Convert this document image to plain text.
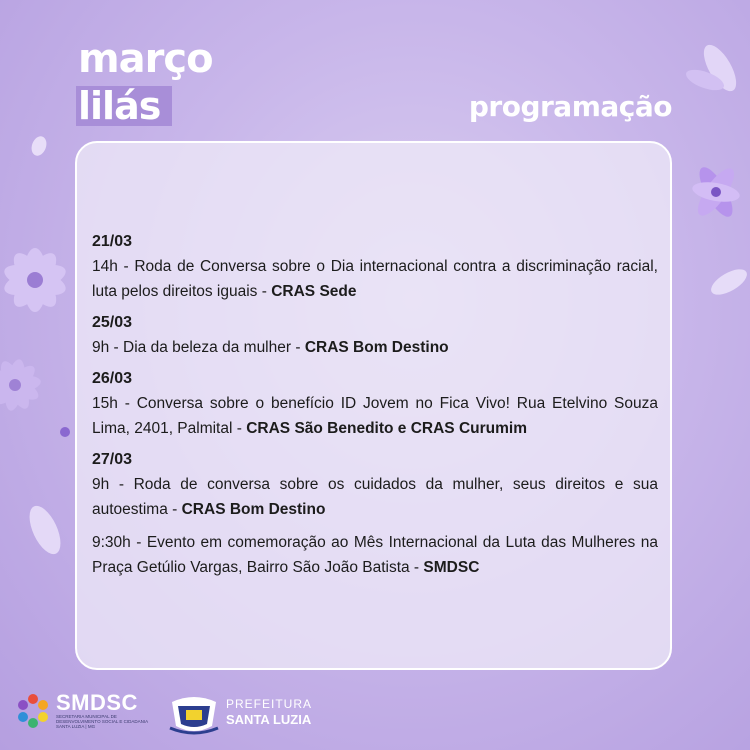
março
lilás	programação
21/03
14h - Roda de Conversa sobre o Dia internacional contra a discriminação racial, luta pelos direitos iguais - CRAS Sede
25/03
9h - Dia da beleza da mulher - CRAS Bom Destino
26/03
15h - Conversa sobre o benefício ID Jovem no Fica Vivo! Rua Etelvino Souza Lima, 2401, Palmital - CRAS São Benedito e CRAS Curumim
27/03
9h - Roda de conversa sobre os cuidados da mulher, seus direitos e sua autoestima - CRAS Bom Destino
9:30h - Evento em comemoração ao Mês Internacional da Luta das Mulheres na Praça Getúlio Vargas, Bairro São João Batista - SMDSC
SMDSC
SECRETARIA MUNICIPAL DE DESENVOLVIMENTO SOCIAL E CIDADANIA SANTA LUZIA | MG
PREFEITURA
SANTA LUZIA
